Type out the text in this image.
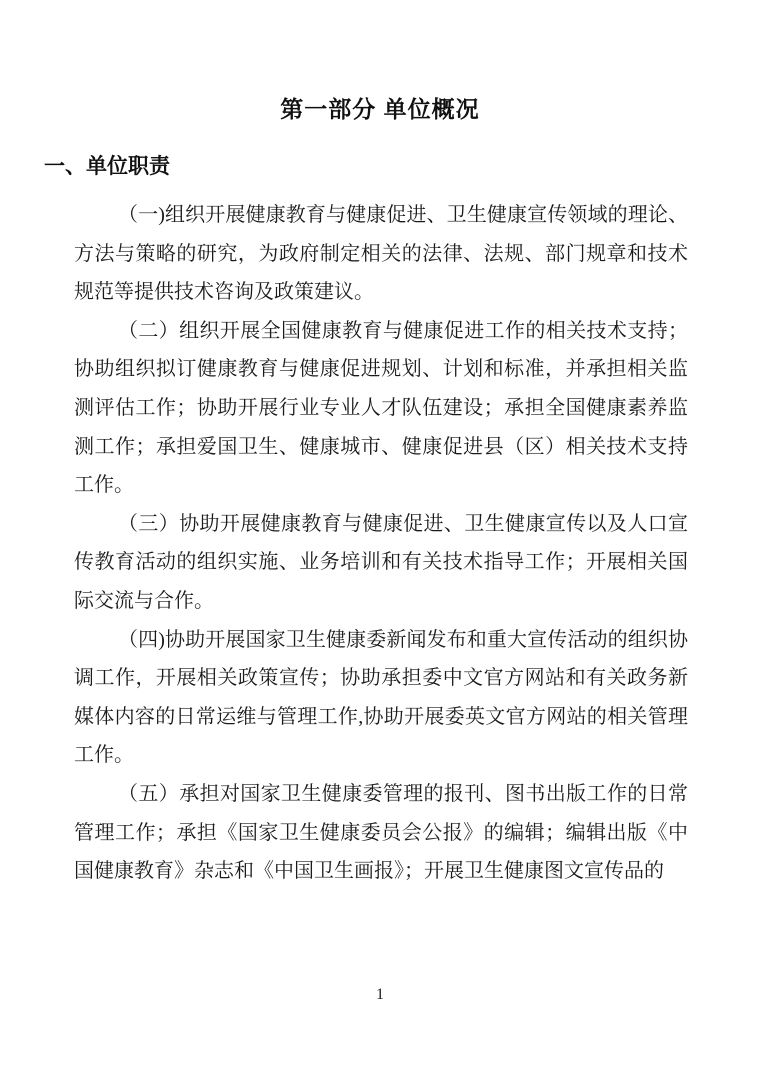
第一部分 单位概况
一、单位职责

（一)组织开展健康教育与健康促进、卫生健康宣传领域的理论、方法与策略的研究，为政府制定相关的法律、法规、部门规章和技术规范等提供技术咨询及政策建议。

（二）组织开展全国健康教育与健康促进工作的相关技术支持；协助组织拟订健康教育与健康促进规划、计划和标准，并承担相关监测评估工作；协助开展行业专业人才队伍建设；承担全国健康素养监测工作；承担爱国卫生、健康城市、健康促进县（区）相关技术支持工作。

（三）协助开展健康教育与健康促进、卫生健康宣传以及人口宣传教育活动的组织实施、业务培训和有关技术指导工作；开展相关国际交流与合作。

（四)协助开展国家卫生健康委新闻发布和重大宣传活动的组织协调工作，开展相关政策宣传；协助承担委中文官方网站和有关政务新媒体内容的日常运维与管理工作,协助开展委英文官方网站的相关管理工作。

（五）承担对国家卫生健康委管理的报刊、图书出版工作的日常管理工作；承担《国家卫生健康委员会公报》的编辑；编辑出版《中国健康教育》杂志和《中国卫生画报》；开展卫生健康图文宣传品的

1
